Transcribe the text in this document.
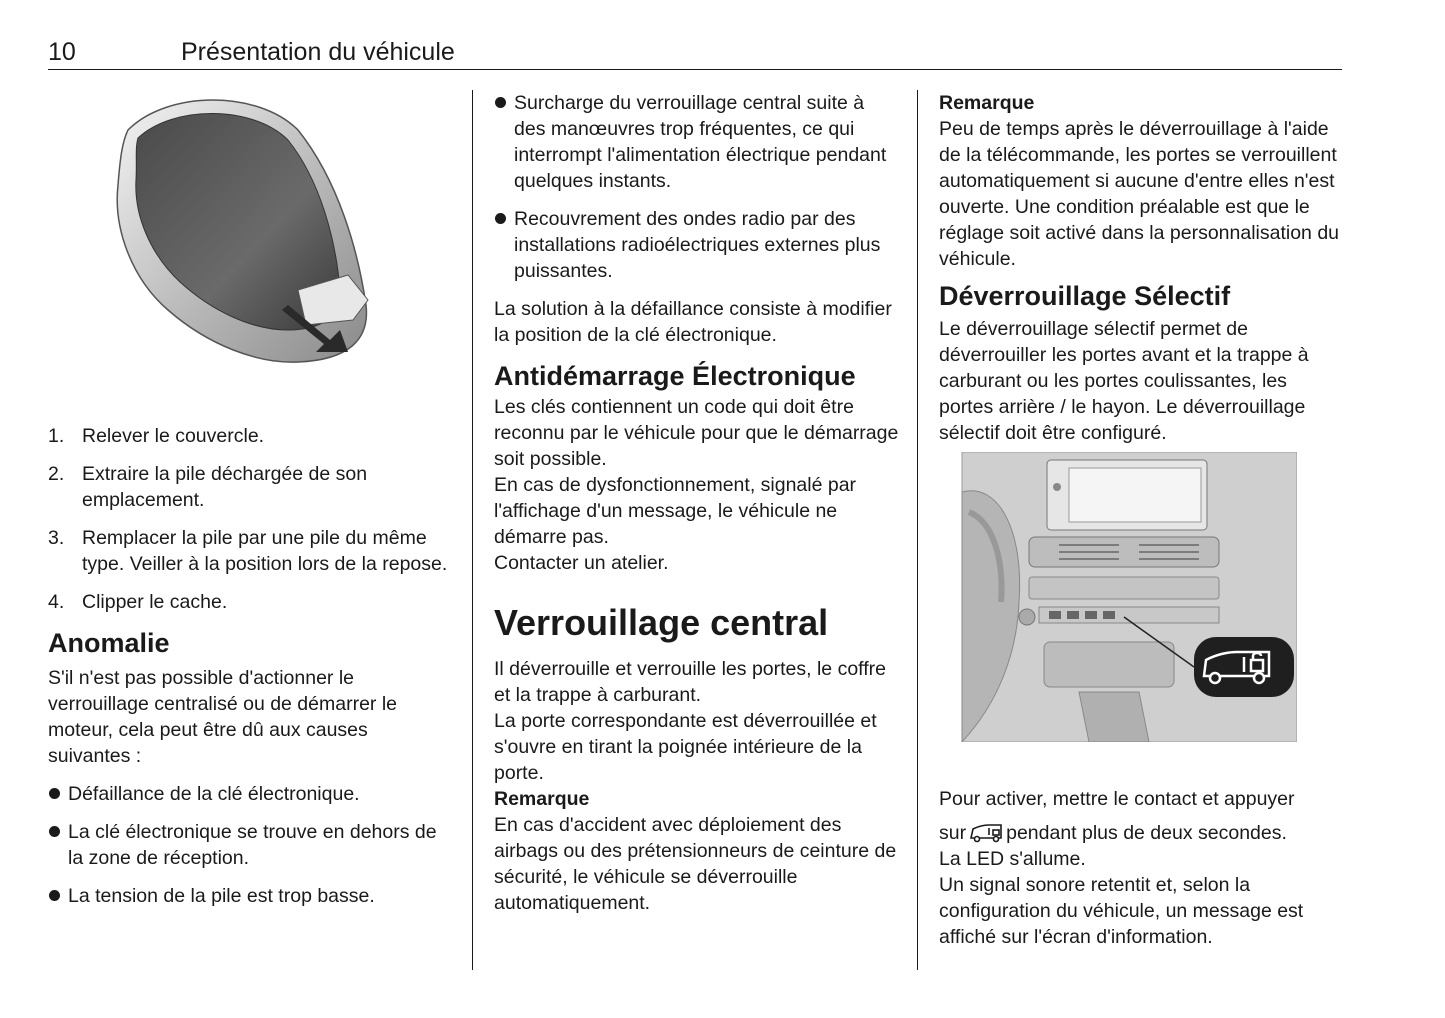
10	Présentation du véhicule
1. Relever le couvercle.
2. Extraire la pile déchargée de son emplacement.
3. Remplacer la pile par une pile du même type. Veiller à la position lors de la repose.
4. Clipper le cache.
Anomalie

S'il n'est pas possible d'actionner le verrouillage centralisé ou de démarrer le moteur, cela peut être dû aux causes suivantes :

Défaillance de la clé électronique.
La clé électronique se trouve en dehors de la zone de réception.
La tension de la pile est trop basse.
Surcharge du verrouillage central suite à des manœuvres trop fréquentes, ce qui interrompt l'alimentation électrique pendant quelques instants.
Recouvrement des ondes radio par des installations radioélectriques externes plus puissantes.

La solution à la défaillance consiste à modifier la position de la clé électronique.

Antidémarrage Électronique

Les clés contiennent un code qui doit être reconnu par le véhicule pour que le démarrage soit possible.

En cas de dysfonctionnement, signalé par l'affichage d'un message, le véhicule ne démarre pas.

Contacter un atelier.

Verrouillage central

Il déverrouille et verrouille les portes, le coffre et la trappe à carburant.

La porte correspondante est déverrouillée et s'ouvre en tirant la poignée intérieure de la porte.

Remarque

En cas d'accident avec déploiement des airbags ou des prétensionneurs de ceinture de sécurité, le véhicule se déverrouille automatiquement.

Remarque

Peu de temps après le déverrouillage à l'aide de la télécommande, les portes se verrouillent automatiquement si aucune d'entre elles n'est ouverte. Une condition préalable est que le réglage soit activé dans la personnalisation du véhicule.

Déverrouillage Sélectif

Le déverrouillage sélectif permet de déverrouiller les portes avant et la trappe à carburant ou les portes coulissantes, les portes arrière / le hayon. Le déverrouillage sélectif doit être configuré.

Pour activer, mettre le contact et appuyer

sur pendant plus de deux secondes.

La LED s'allume.

Un signal sonore retentit et, selon la configuration du véhicule, un message est affiché sur l'écran d'information.
